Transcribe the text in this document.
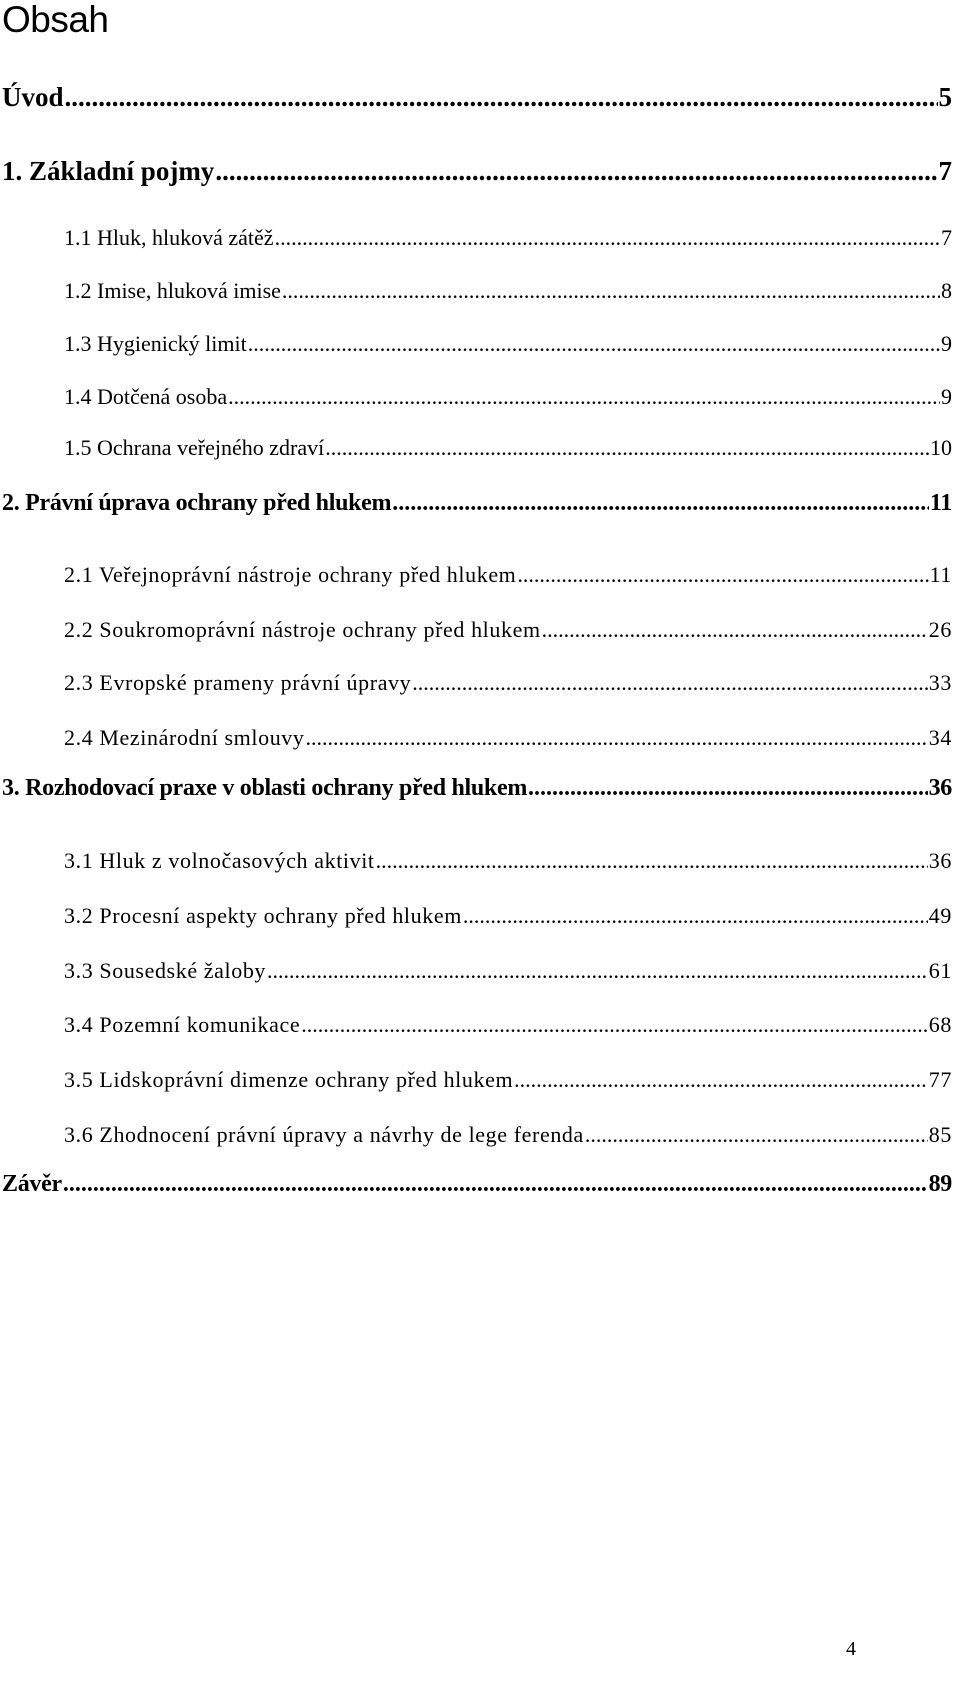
Obsah
Úvod .....	5
1. Základní pojmy .....	7
1.1 Hluk, hluková zátěž .....	7
1.2 Imise, hluková imise .....	8
1.3 Hygienický limit .....	9
1.4 Dotčená osoba .....	9
1.5 Ochrana veřejného zdraví .....	10
2. Právní úprava ochrany před hlukem .....	11
2.1 Veřejnoprávní nástroje ochrany před hlukem .....	11
2.2 Soukromoprávní nástroje ochrany před hlukem .....	26
2.3 Evropské prameny právní úpravy .....	33
2.4 Mezinárodní smlouvy .....	34
3. Rozhodovací praxe v oblasti ochrany před hlukem .....	36
3.1 Hluk z volnočasových aktivit .....	36
3.2 Procesní aspekty ochrany před hlukem .....	49
3.3 Sousedské žaloby .....	61
3.4 Pozemní komunikace .....	68
3.5 Lidskoprávní dimenze ochrany před hlukem .....	77
3.6 Zhodnocení právní úpravy a návrhy de lege ferenda .....	85
Závěr .....	89
4
